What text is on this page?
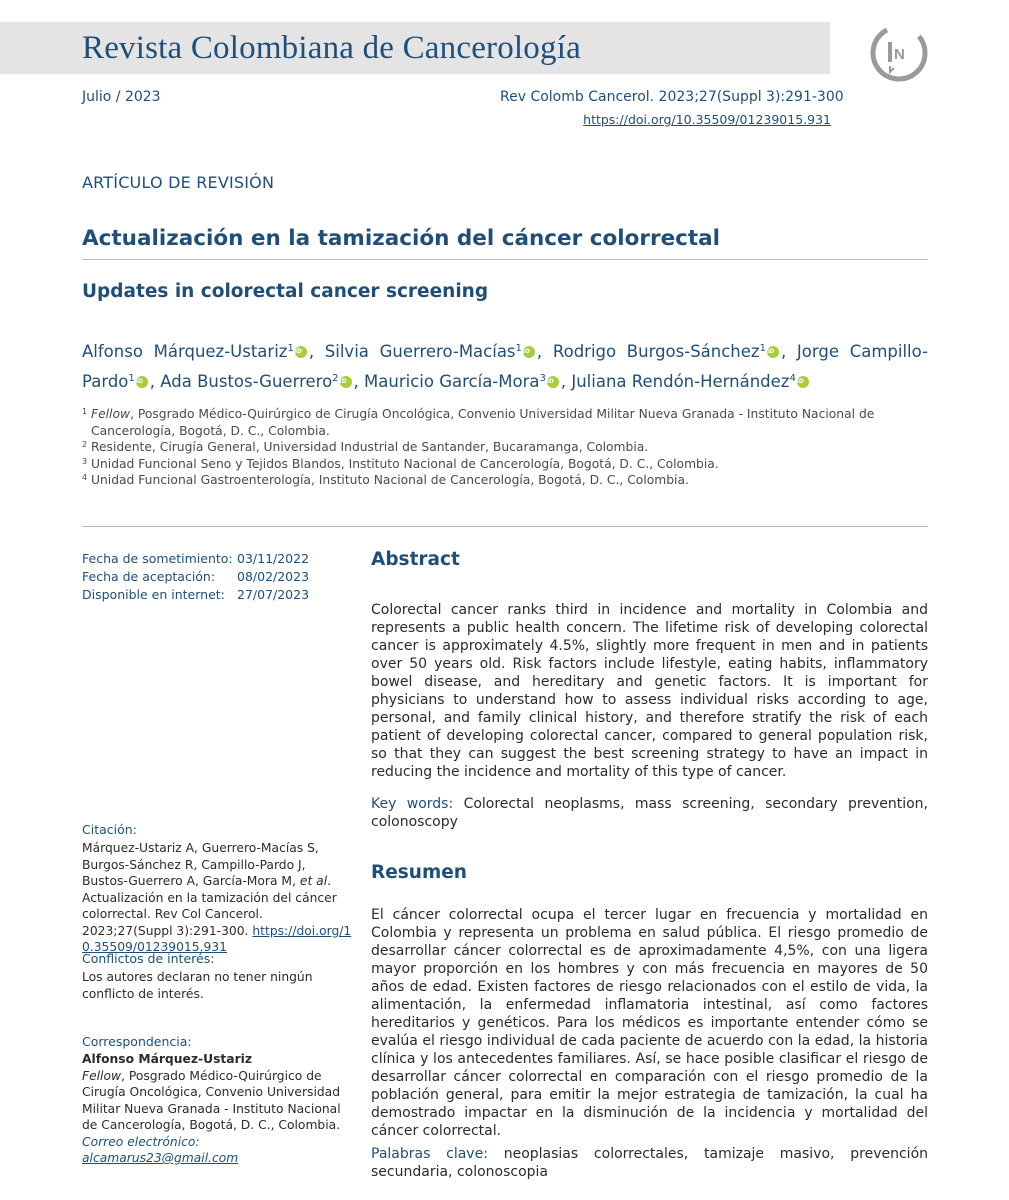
Revista Colombiana de Cancerología	N
Julio / 2023	Rev Colomb Cancerol. 2023;27(Suppl 3):291-300
https://doi.org/10.35509/01239015.931
ARTÍCULO DE REVISIÓN
Actualización en la tamización del cáncer colorrectal
Updates in colorectal cancer screening
Alfonso Márquez-Ustariz$^1$ iD , Silvia Guerrero-Macías$^1$ iD , Rodrigo Burgos-Sánchez$^1$ iD , Jorge Campillo-Pardo$^1$ iD , Ada Bustos-Guerrero$^2$ iD , Mauricio García-Mora$^3$ iD , Juliana Rendón-Hernández$^4$iD
1 Fellow, Posgrado Médico-Quirúrgico de Cirugía Oncológica, Convenio Universidad Militar Nueva Granada - Instituto Nacional de Cancerología, Bogotá, D. C., Colombia.
2 Residente, Cirugía General, Universidad Industrial de Santander, Bucaramanga, Colombia.
3 Unidad Funcional Seno y Tejidos Blandos, Instituto Nacional de Cancerología, Bogotá, D. C., Colombia.
4 Unidad Funcional Gastroenterología, Instituto Nacional de Cancerología, Bogotá, D. C., Colombia.
Fecha de sometimiento: 03/11/2022
Fecha de aceptación:	08/02/2023
Disponible en internet: 27/07/2023
Citación:
Márquez-Ustariz A, Guerrero-Macías S, Burgos-Sánchez R, Campillo-Pardo J, Bustos-Guerrero A, García-Mora M, et al. Actualización en la tamización del cáncer colorrectal. Rev Col Cancerol. 2023;27(Suppl 3):291-300. https://doi.org/10.35509/01239015.931
Conflictos de interés:
Los autores declaran no tener ningún conflicto de interés.
Correspondencia:
Alfonso Márquez-Ustariz
Fellow, Posgrado Médico-Quirúrgico de Cirugía Oncológica, Convenio Universidad Militar Nueva Granada - Instituto Nacional de Cancerología, Bogotá, D. C., Colombia.
Correo electrónico: alcamarus23@gmail.com
Abstract
Colorectal cancer ranks third in incidence and mortality in Colombia and represents a public health concern. The lifetime risk of developing colorectal cancer is approximately 4.5%, slightly more frequent in men and in patients over 50 years old. Risk factors include lifestyle, eating habits, inflammatory bowel disease, and hereditary and genetic factors. It is important for physicians to understand how to assess individual risks according to age, personal, and family clinical history, and therefore stratify the risk of each patient of developing colorectal cancer, compared to general population risk, so that they can suggest the best screening strategy to have an impact in reducing the incidence and mortality of this type of cancer.
Key words: Colorectal neoplasms, mass screening, secondary prevention, colonoscopy
Resumen
El cáncer colorrectal ocupa el tercer lugar en frecuencia y mortalidad en Colombia y representa un problema en salud pública. El riesgo promedio de desarrollar cáncer colorrectal es de aproximadamente 4,5%, con una ligera mayor proporción en los hombres y con más frecuencia en mayores de 50 años de edad. Existen factores de riesgo relacionados con el estilo de vida, la alimentación, la enfermedad inflamatoria intestinal, así como factores hereditarios y genéticos. Para los médicos es importante entender cómo se evalúa el riesgo individual de cada paciente de acuerdo con la edad, la historia clínica y los antecedentes familiares. Así, se hace posible clasificar el riesgo de desarrollar cáncer colorrectal en comparación con el riesgo promedio de la población general, para emitir la mejor estrategia de tamización, la cual ha demostrado impactar en la disminución de la incidencia y mortalidad del cáncer colorrectal.
Palabras clave: neoplasias colorrectales, tamizaje masivo, prevención secundaria, colonoscopia
